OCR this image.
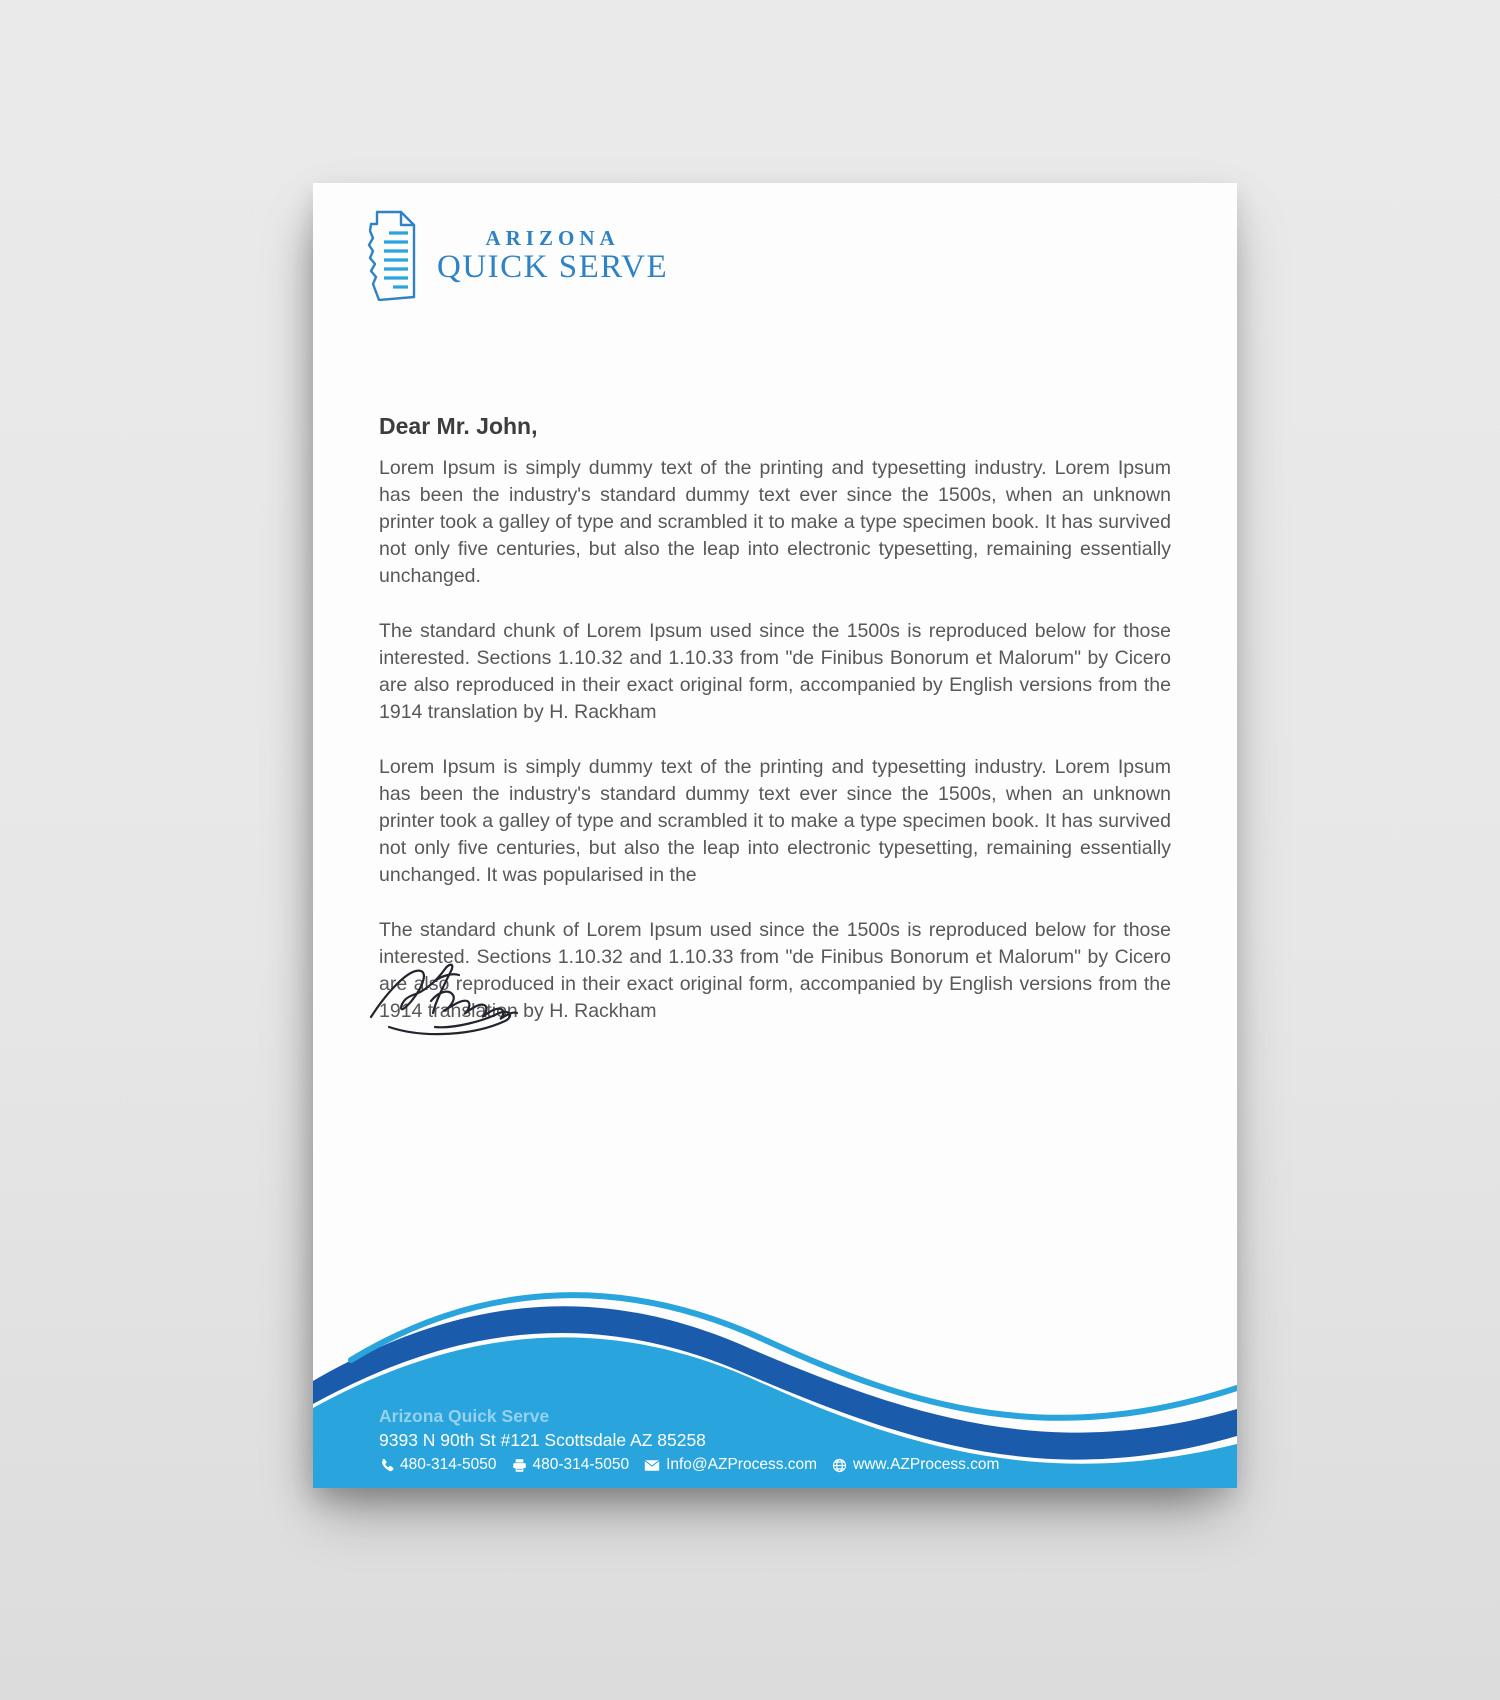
ARIZONA
QUICK SERVE
Dear Mr. John,

Lorem Ipsum is simply dummy text of the printing and typesetting industry. Lorem Ipsum has been the industry's standard dummy text ever since the 1500s, when an unknown printer took a galley of type and scrambled it to make a type specimen book. It has survived not only five centuries, but also the leap into electronic typesetting, remaining essentially unchanged.

The standard chunk of Lorem Ipsum used since the 1500s is reproduced below for those interested. Sections 1.10.32 and 1.10.33 from "de Finibus Bonorum et Malorum" by Cicero are also reproduced in their exact original form, accompanied by English versions from the 1914 translation by H. Rackham

Lorem Ipsum is simply dummy text of the printing and typesetting industry. Lorem Ipsum has been the industry's standard dummy text ever since the 1500s, when an unknown printer took a galley of type and scrambled it to make a type specimen book. It has survived not only five centuries, but also the leap into electronic typesetting, remaining essentially unchanged. It was popularised in the

The standard chunk of Lorem Ipsum used since the 1500s is reproduced below for those interested. Sections 1.10.32 and 1.10.33 from "de Finibus Bonorum et Malorum" by Cicero are also reproduced in their exact original form, accompanied by English versions from the 1914 translation by H. Rackham

Arizona Quick Serve
9393 N 90th St #121 Scottsdale AZ 85258
480-314-5050 480-314-5050 Info@AZProcess.com www.AZProcess.com
